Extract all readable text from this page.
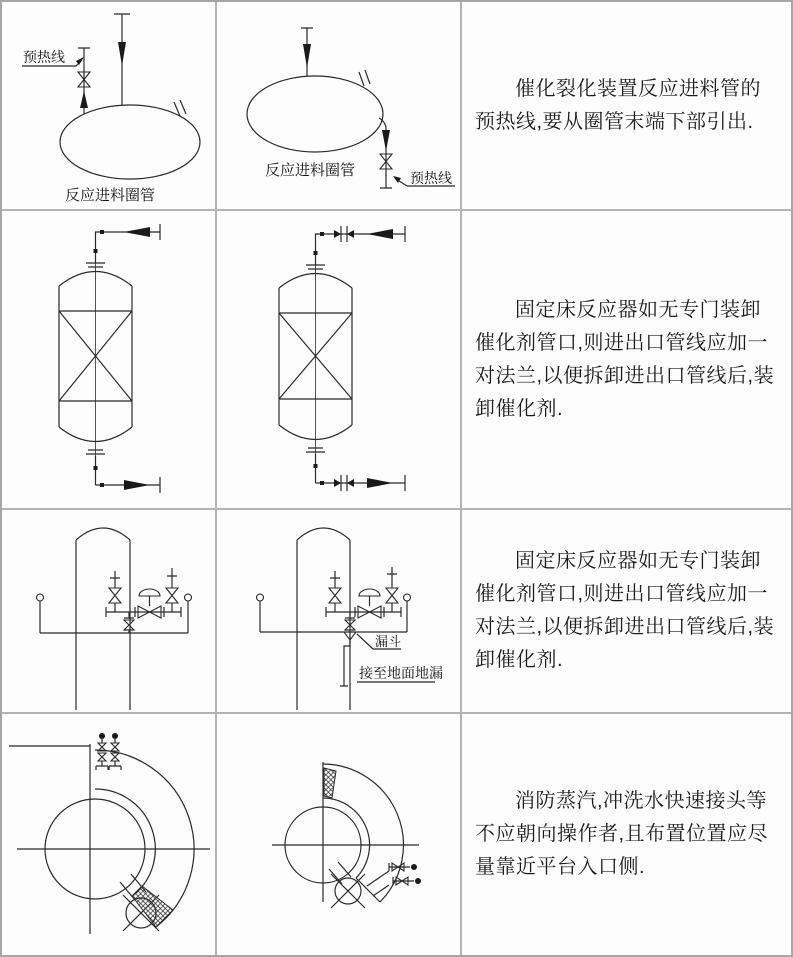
预热线
反应进料圈管
反应进料圈管	预热线

催化裂化装置反应进料管的预热线,要从圈管末端下部引出.

固定床反应器如无专门装卸催化剂管口,则进出口管线应加一对法兰,以便拆卸进出口管线后,装卸催化剂.

漏斗
接至地面地漏

固定床反应器如无专门装卸催化剂管口,则进出口管线应加一对法兰,以便拆卸进出口管线后,装卸催化剂.

消防蒸汽,冲洗水快速接头等不应朝向操作者,且布置位置应尽量靠近平台入口侧.
